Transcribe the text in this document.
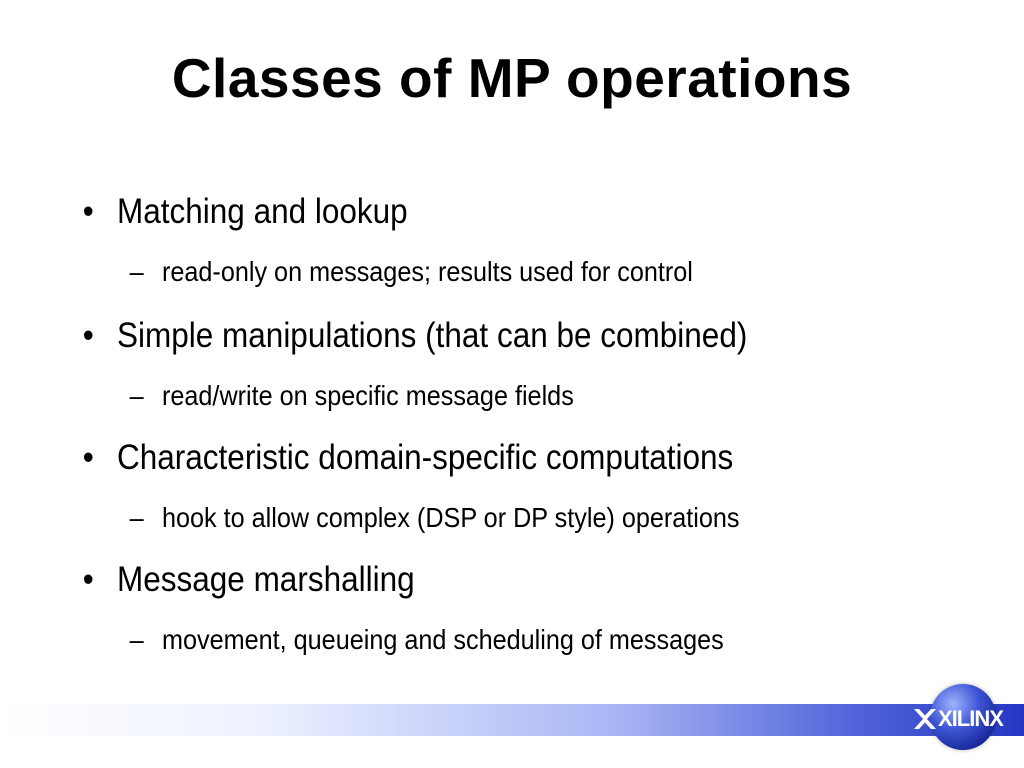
Classes of MP operations
• Matching and lookup
– read-only on messages; results used for control
• Simple manipulations (that can be combined)
– read/write on specific message fields
• Characteristic domain-specific computations
– hook to allow complex (DSP or DP style) operations
• Message marshalling
– movement, queueing and scheduling of messages
XILINX
